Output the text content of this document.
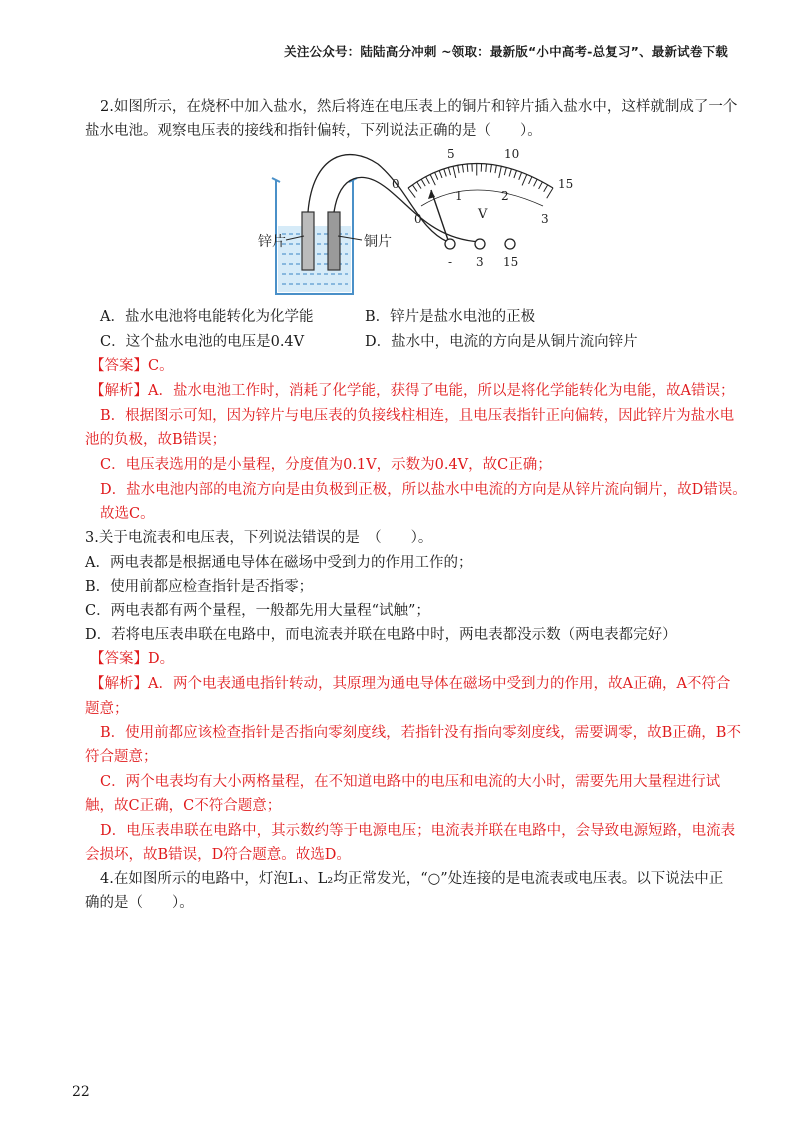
关注公众号：陆陆高分冲刺 ~领取：最新版“小中高考-总复习”、最新试卷下载
2.如图所示，在烧杯中加入盐水，然后将连在电压表上的铜片和锌片插入盐水中，这样就制成了一个
盐水电池。观察电压表的接线和指针偏转，下列说法正确的是（　　）。
A．盐水电池将电能转化为化学能	B．锌片是盐水电池的正极
C．这个盐水电池的电压是0.4V	D．盐水中，电流的方向是从铜片流向锌片
【答案】C。
【解析】A．盐水电池工作时，消耗了化学能，获得了电能，所以是将化学能转化为电能，故A错误；
B．根据图示可知，因为锌片与电压表的负接线柱相连，且电压表指针正向偏转，因此锌片为盐水电
池的负极，故B错误；
C．电压表选用的是小量程，分度值为0.1V，示数为0.4V，故C正确；
D．盐水电池内部的电流方向是由负极到正极，所以盐水中电流的方向是从锌片流向铜片，故D错误。
故选C。
3.关于电流表和电压表，下列说法错误的是　（　　）。
A．两电表都是根据通电导体在磁场中受到力的作用工作的；
B．使用前都应检查指针是否指零；
C．两电表都有两个量程，一般都先用大量程“试触”；
D．若将电压表串联在电路中，而电流表并联在电路中时，两电表都没示数（两电表都完好）
【答案】D。
【解析】A．两个电表通电指针转动，其原理为通电导体在磁场中受到力的作用，故A正确，A不符合
题意；
B．使用前都应该检查指针是否指向零刻度线，若指针没有指向零刻度线，需要调零，故B正确，B不
符合题意；
C．两个电表均有大小两格量程，在不知道电路中的电压和电流的大小时，需要先用大量程进行试
触，故C正确，C不符合题意；
D．电压表串联在电路中，其示数约等于电源电压；电流表并联在电路中，会导致电源短路，电流表
会损坏，故B错误，D符合题意。故选D。
4.在如图所示的电路中，灯泡L₁、L₂均正常发光，“○”处连接的是电流表或电压表。以下说法中正
确的是（　　）。
锌片	铜片
0
5	10
15
0
1	2
3
V
- 3 15
22
